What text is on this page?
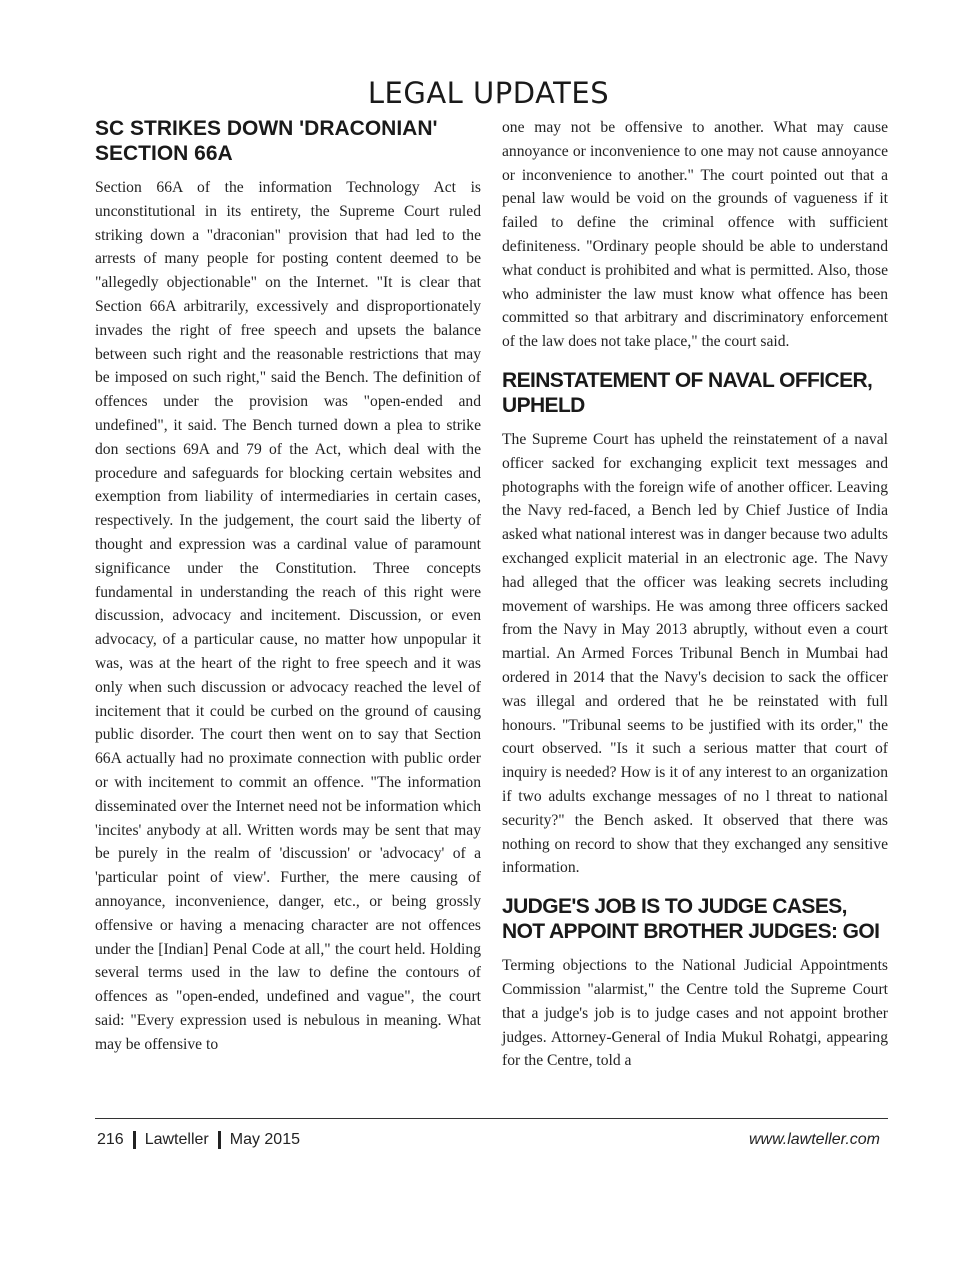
LEGAL UPDATES
SC STRIKES DOWN 'DRACONIAN' SECTION 66A

Section 66A of the information Technology Act is unconstitutional in its entirety, the Supreme Court ruled striking down a "draconian" provision that had led to the arrests of many people for posting content deemed to be "allegedly objectionable" on the Internet. "It is clear that Section 66A arbitrarily, excessively and disproportionately invades the right of free speech and upsets the balance between such right and the reasonable restrictions that may be imposed on such right," said the Bench. The definition of offences under the provision was "open-ended and undefined", it said. The Bench turned down a plea to strike don sections 69A and 79 of the Act, which deal with the procedure and safeguards for blocking certain websites and exemption from liability of intermediaries in certain cases, respectively. In the judgement, the court said the liberty of thought and expression was a cardinal value of paramount significance under the Constitution. Three concepts fundamental in understanding the reach of this right were discussion, advocacy and incitement. Discussion, or even advocacy, of a particular cause, no matter how unpopular it was, was at the heart of the right to free speech and it was only when such discussion or advocacy reached the level of incitement that it could be curbed on the ground of causing public disorder. The court then went on to say that Section 66A actually had no proximate connection with public order or with incitement to commit an offence. "The information disseminated over the Internet need not be information which 'incites' anybody at all. Written words may be sent that may be purely in the realm of 'discussion' or 'advocacy' of a 'particular point of view'. Further, the mere causing of annoyance, inconvenience, danger, etc., or being grossly offensive or having a menacing character are not offences under the [Indian] Penal Code at all," the court held. Holding several terms used in the law to define the contours of offences as "open-ended, undefined and vague", the court said: "Every expression used is nebulous in meaning. What may be offensive to

one may not be offensive to another. What may cause annoyance or inconvenience to one may not cause annoyance or inconvenience to another." The court pointed out that a penal law would be void on the grounds of vagueness if it failed to define the criminal offence with sufficient definiteness. "Ordinary people should be able to understand what conduct is prohibited and what is permitted. Also, those who administer the law must know what offence has been committed so that arbitrary and discriminatory enforcement of the law does not take place," the court said.

REINSTATEMENT OF NAVAL OFFICER, UPHELD

The Supreme Court has upheld the reinstatement of a naval officer sacked for exchanging explicit text messages and photographs with the foreign wife of another officer. Leaving the Navy red-faced, a Bench led by Chief Justice of India asked what national interest was in danger because two adults exchanged explicit material in an electronic age. The Navy had alleged that the officer was leaking secrets including movement of warships. He was among three officers sacked from the Navy in May 2013 abruptly, without even a court martial. An Armed Forces Tribunal Bench in Mumbai had ordered in 2014 that the Navy's decision to sack the officer was illegal and ordered that he be reinstated with full honours. "Tribunal seems to be justified with its order," the court observed. "Is it such a serious matter that court of inquiry is needed? How is it of any interest to an organization if two adults exchange messages of no l threat to national security?" the Bench asked. It observed that there was nothing on record to show that they exchanged any sensitive information.

JUDGE'S JOB IS TO JUDGE CASES, NOT APPOINT BROTHER JUDGES: GOI

Terming objections to the National Judicial Appointments Commission "alarmist," the Centre told the Supreme Court that a judge's job is to judge cases and not appoint brother judges. Attorney-General of India Mukul Rohatgi, appearing for the Centre, told a

216 Lawteller May 2015	www.lawteller.com
